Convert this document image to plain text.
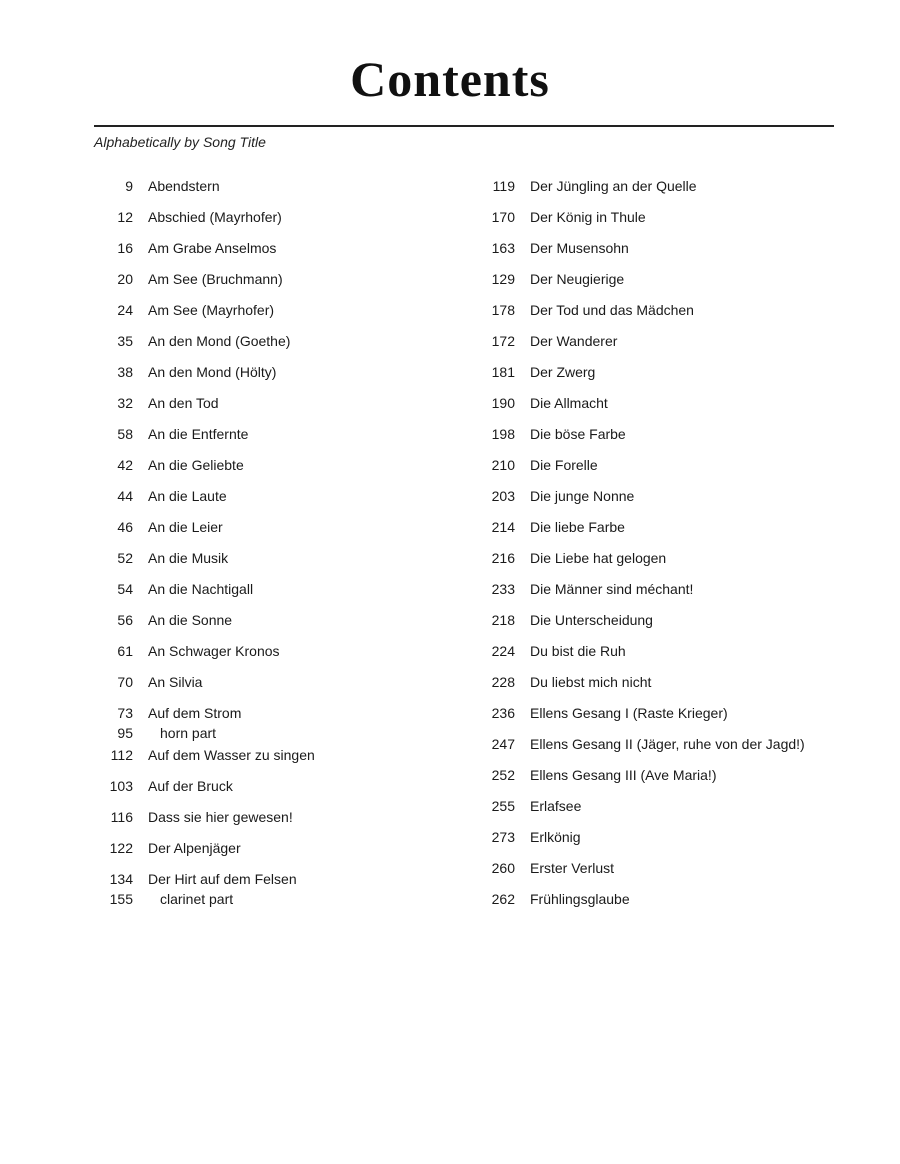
Contents
Alphabetically by Song Title
9 Abendstern
12 Abschied (Mayrhofer)
16 Am Grabe Anselmos
20 Am See (Bruchmann)
24 Am See (Mayrhofer)
35 An den Mond (Goethe)
38 An den Mond (Hölty)
32 An den Tod
58 An die Entfernte
42 An die Geliebte
44 An die Laute
46 An die Leier
52 An die Musik
54 An die Nachtigall
56 An die Sonne
61 An Schwager Kronos
70 An Silvia
73 Auf dem Strom
95 horn part
112 Auf dem Wasser zu singen
103 Auf der Bruck
116 Dass sie hier gewesen!
122 Der Alpenjäger
134 Der Hirt auf dem Felsen
155 clarinet part
119 Der Jüngling an der Quelle
170 Der König in Thule
163 Der Musensohn
129 Der Neugierige
178 Der Tod und das Mädchen
172 Der Wanderer
181 Der Zwerg
190 Die Allmacht
198 Die böse Farbe
210 Die Forelle
203 Die junge Nonne
214 Die liebe Farbe
216 Die Liebe hat gelogen
233 Die Männer sind méchant!
218 Die Unterscheidung
224 Du bist die Ruh
228 Du liebst mich nicht
236 Ellens Gesang I (Raste Krieger)
247 Ellens Gesang II (Jäger, ruhe von der Jagd!)
252 Ellens Gesang III (Ave Maria!)
255 Erlafsee
273 Erlkönig
260 Erster Verlust
262 Frühlingsglaube
